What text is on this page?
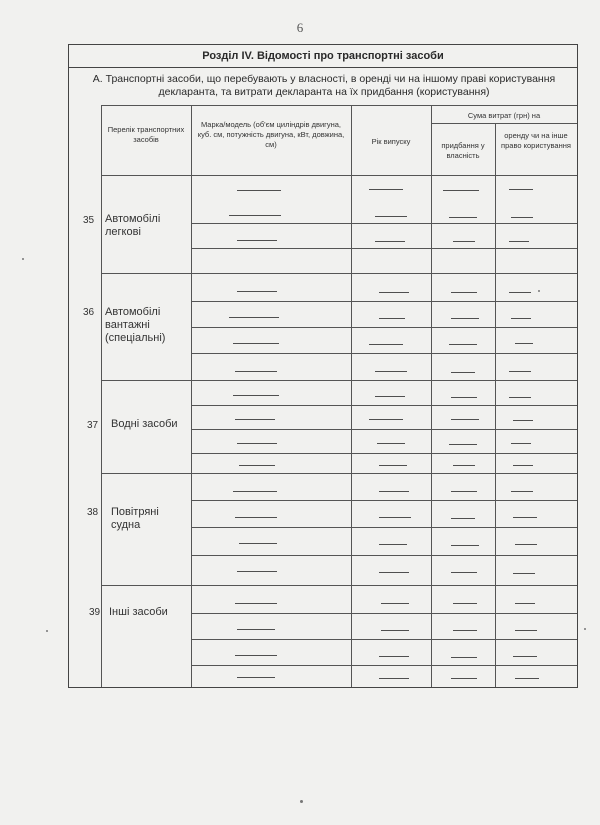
6
Розділ IV. Відомості про транспортні засоби
А. Транспортні засоби, що перебувають у власності, в оренді чи на іншому праві користування декларанта, та витрати декларанта на їх придбання (користування)
Перелік транспортних засобів
Марка/модель (об'єм циліндрів двигуна, куб. см, потужність двигуна, кВт, довжина, см)	Рік випуску
Сума витрат (грн) на
придбання у власність
оренду чи на інше право користування
35 Автомобілі легкові
36 Автомобілі вантажні (спеціальні)
37 Водні засоби
38 Повітряні судна
39 Інші засоби
